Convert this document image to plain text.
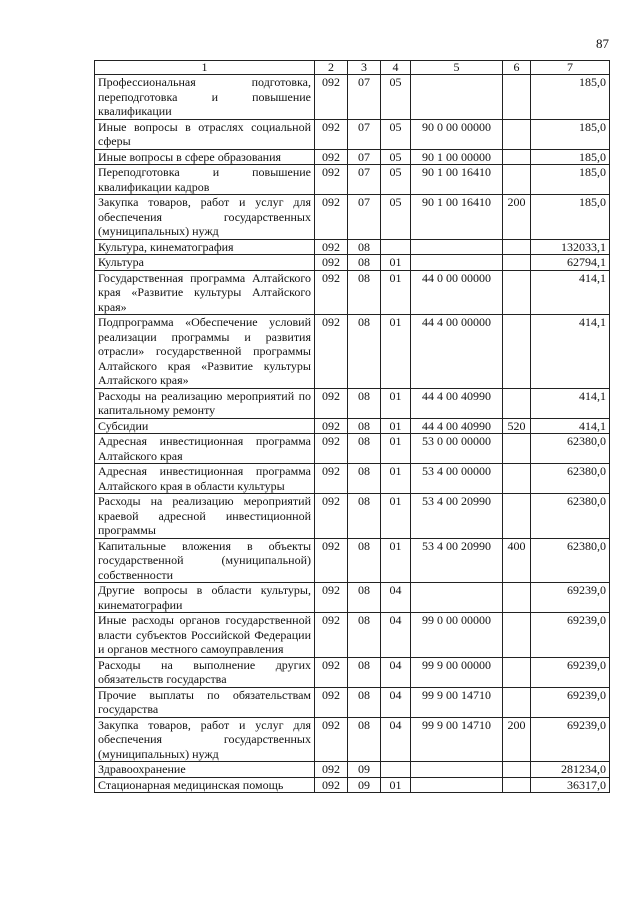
87
1	2	3	4	5	6	7
Профессиональная подготовка, переподготовка и повышение квалификации	092	07	05			185,0
Иные вопросы в отраслях социальной сферы	092	07	05	90 0 00 00000		185,0
Иные вопросы в сфере образования	092	07	05	90 1 00 00000		185,0
Переподготовка и повышение квалификации кадров	092	07	05	90 1 00 16410		185,0
Закупка товаров, работ и услуг для обеспечения государственных (муниципальных) нужд	092	07	05	90 1 00 16410	200	185,0
Культура, кинематография	092	08				132033,1
Культура	092	08	01			62794,1
Государственная программа Алтайского края «Развитие культуры Алтайского края»	092	08	01	44 0 00 00000		414,1
Подпрограмма «Обеспечение условий реализации программы и развития отрасли» государственной программы Алтайского края «Развитие культуры Алтайского края»	092	08	01	44 4 00 00000		414,1
Расходы на реализацию мероприятий по капитальному ремонту	092	08	01	44 4 00 40990		414,1
Субсидии	092	08	01	44 4 00 40990	520	414,1
Адресная инвестиционная программа Алтайского края	092	08	01	53 0 00 00000		62380,0
Адресная инвестиционная программа Алтайского края в области культуры	092	08	01	53 4 00 00000		62380,0
Расходы на реализацию мероприятий краевой адресной инвестиционной программы	092	08	01	53 4 00 20990		62380,0
Капитальные вложения в объекты государственной (муниципальной) собственности	092	08	01	53 4 00 20990	400	62380,0
Другие вопросы в области культуры, кинематографии	092	08	04			69239,0
Иные расходы органов государственной власти субъектов Российской Федерации и органов местного самоуправления	092	08	04	99 0 00 00000		69239,0
Расходы на выполнение других обязательств государства	092	08	04	99 9 00 00000		69239,0
Прочие выплаты по обязательствам государства	092	08	04	99 9 00 14710		69239,0
Закупка товаров, работ и услуг для обеспечения государственных (муниципальных) нужд	092	08	04	99 9 00 14710	200	69239,0
Здравоохранение	092	09				281234,0
Стационарная медицинская помощь	092	09	01			36317,0
